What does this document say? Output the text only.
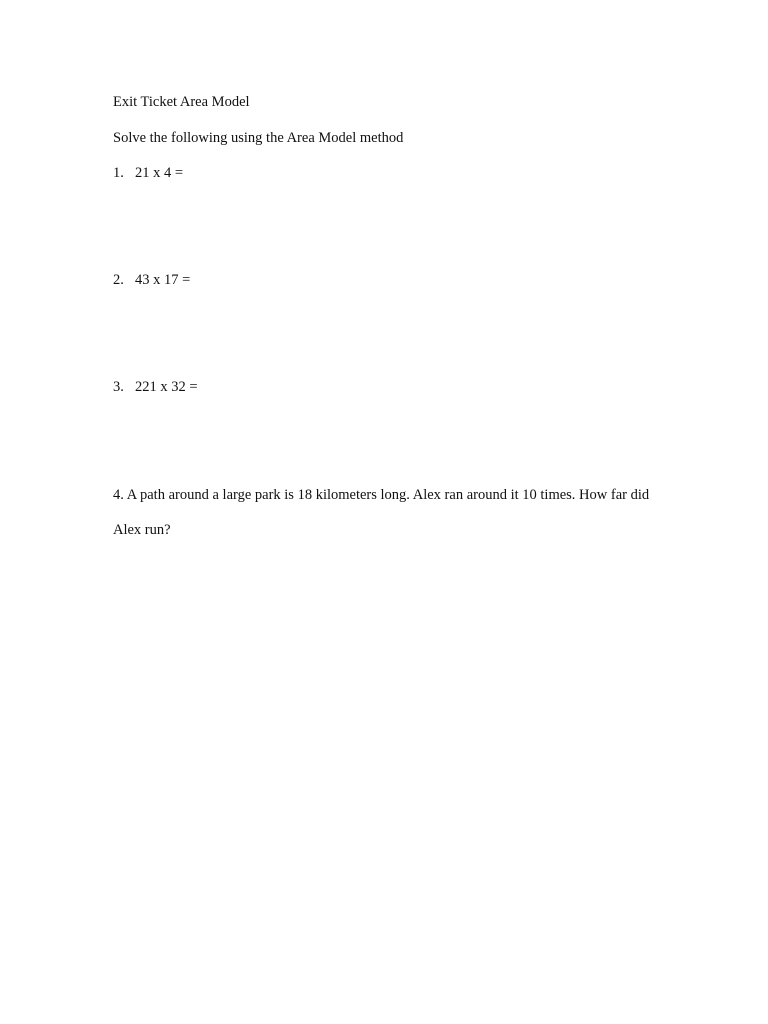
Exit Ticket Area Model
Solve the following using the Area Model method
1. 21 x 4 =
2. 43 x 17 =
3. 221 x 32 =
4. A path around a large park is 18 kilometers long. Alex ran around it 10 times. How far did
Alex run?
